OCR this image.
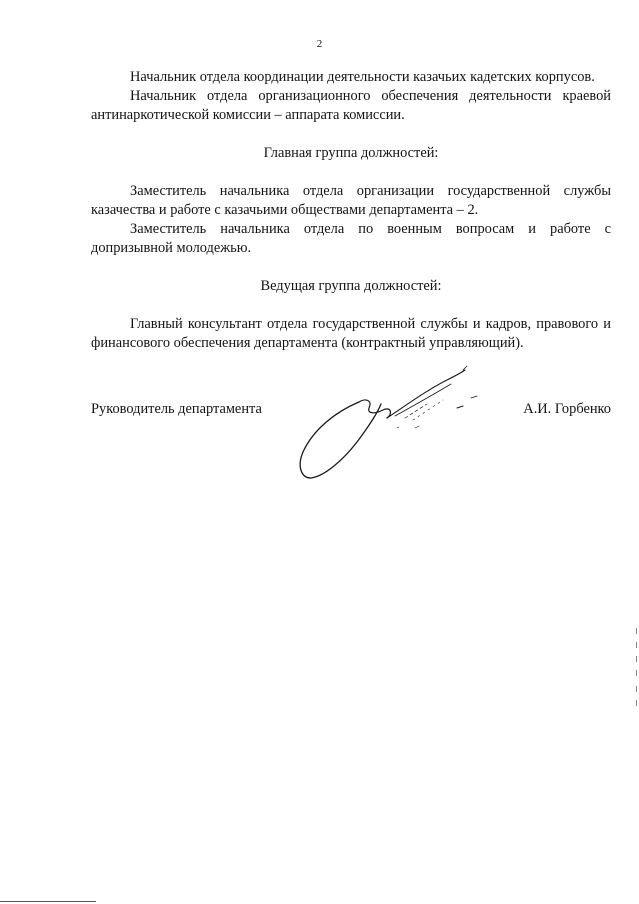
2

Начальник отдела координации деятельности казачьих кадетских корпусов.

Начальник отдела организационного обеспечения деятельности краевой антинаркотической комиссии – аппарата комиссии.

Главная группа должностей:

Заместитель начальника отдела организации государственной службы казачества и работе с казачьими обществами департамента – 2.

Заместитель начальника отдела по военным вопросам и работе с допризывной молодежью.

Ведущая группа должностей:

Главный консультант отдела государственной службы и кадров, правового и финансового обеспечения департамента (контрактный управляющий).

Руководитель департамента	А.И. Горбенко
